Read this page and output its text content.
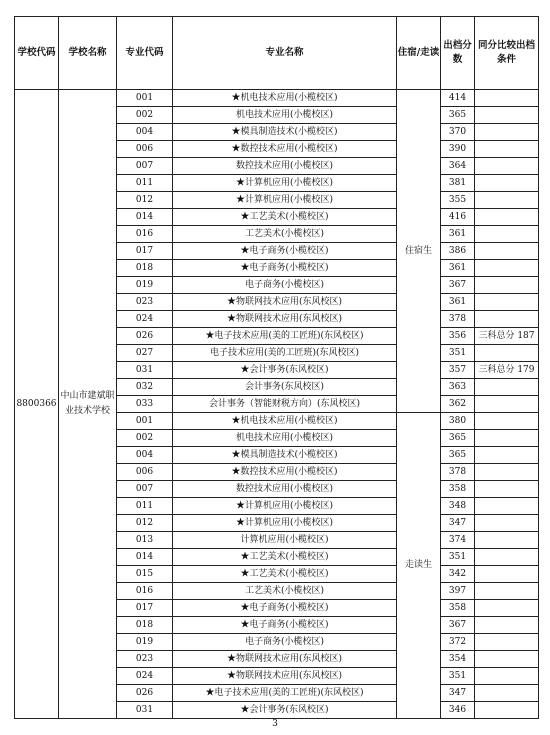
学校代码	学校名称	专业代码	专业名称	住宿/走读	出档分数	同分比较出档条件
8800366	中山市建斌职业技术学校	001	★机电技术应用(小榄校区)	住宿生	414	
		002	机电技术应用(小榄校区)		365	
		004	★模具制造技术(小榄校区)		370	
		006	★数控技术应用(小榄校区)		390	
		007	数控技术应用(小榄校区)		364	
		011	★计算机应用(小榄校区)		381	
		012	★计算机应用(小榄校区)		355	
		014	★工艺美术(小榄校区)		416	
		016	工艺美术(小榄校区)		361	
		017	★电子商务(小榄校区)		386	
		018	★电子商务(小榄校区)		361	
		019	电子商务(小榄校区)		367	
		023	★物联网技术应用(东风校区)		361	
		024	★物联网技术应用(东风校区)		378	
		026	★电子技术应用(美的工匠班)(东风校区)		356	三科总分 187
		027	电子技术应用(美的工匠班)(东风校区)		351	
		031	★会计事务(东风校区)		357	三科总分 179
		032	会计事务(东风校区)		363	
		033	会计事务（智能财税方向）(东风校区)		362	
		001	★机电技术应用(小榄校区)	走读生	380	
		002	机电技术应用(小榄校区)		365	
		004	★模具制造技术(小榄校区)		365	
		006	★数控技术应用(小榄校区)		378	
		007	数控技术应用(小榄校区)		358	
		011	★计算机应用(小榄校区)		348	
		012	★计算机应用(小榄校区)		347	
		013	计算机应用(小榄校区)		374	
		014	★工艺美术(小榄校区)		351	
		015	★工艺美术(小榄校区)		342	
		016	工艺美术(小榄校区)		397	
		017	★电子商务(小榄校区)		358	
		018	★电子商务(小榄校区)		367	
		019	电子商务(小榄校区)		372	
		023	★物联网技术应用(东风校区)		354	
		024	★物联网技术应用(东风校区)		351	
		026	★电子技术应用(美的工匠班)(东风校区)		347	
		031	★会计事务(东风校区)		346	
3
